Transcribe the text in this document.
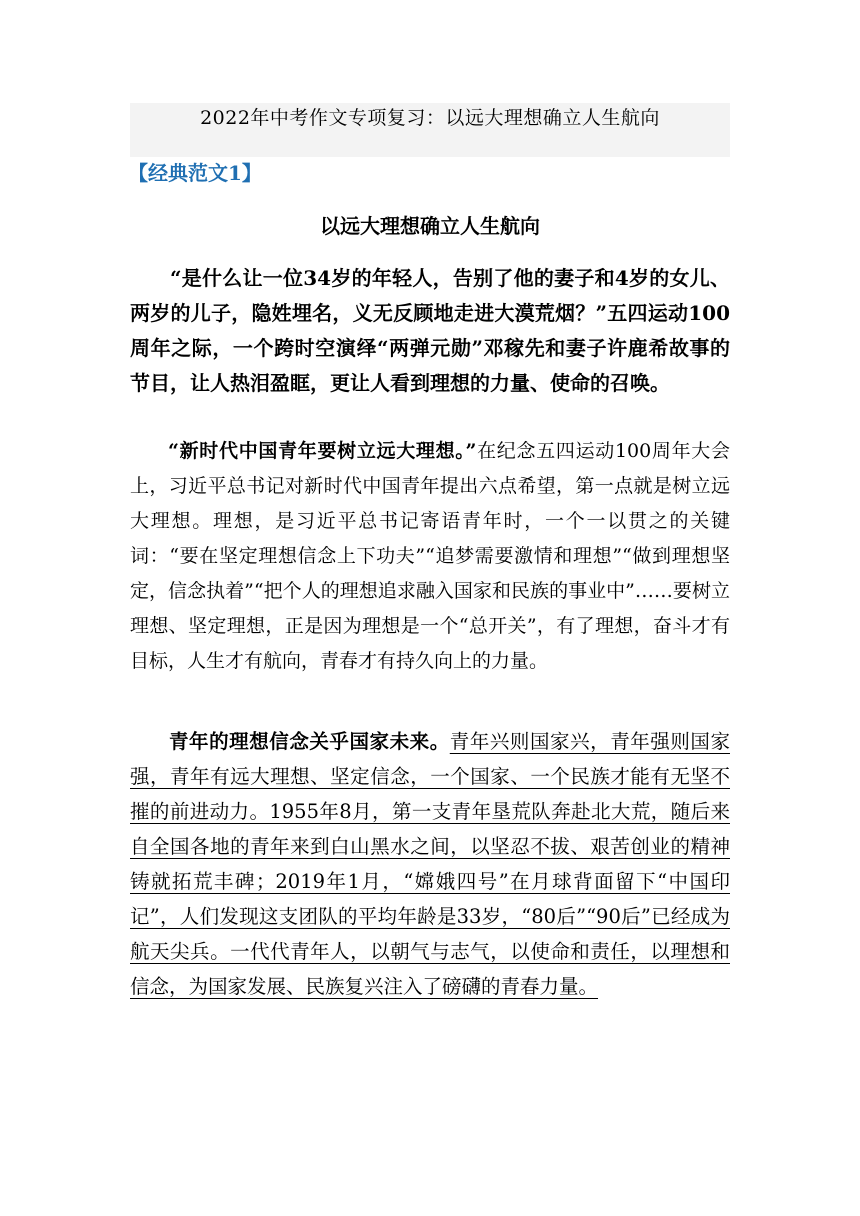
2022年中考作文专项复习：以远大理想确立人生航向
【经典范文1】
以远大理想确立人生航向

“是什么让一位34岁的年轻人，告别了他的妻子和4岁的女儿、两岁的儿子，隐姓埋名，义无反顾地走进大漠荒烟？”五四运动100周年之际，一个跨时空演绎“两弹元勋”邓稼先和妻子许鹿希故事的节目，让人热泪盈眶，更让人看到理想的力量、使命的召唤。

“新时代中国青年要树立远大理想。”在纪念五四运动100周年大会上，习近平总书记对新时代中国青年提出六点希望，第一点就是树立远大理想。理想，是习近平总书记寄语青年时，一个一以贯之的关键词：“要在坚定理想信念上下功夫”“追梦需要激情和理想”“做到理想坚定，信念执着”“把个人的理想追求融入国家和民族的事业中”……要树立理想、坚定理想，正是因为理想是一个“总开关”，有了理想，奋斗才有目标，人生才有航向，青春才有持久向上的力量。

青年的理想信念关乎国家未来。青年兴则国家兴，青年强则国家强，青年有远大理想、坚定信念，一个国家、一个民族才能有无坚不摧的前进动力。1955年8月，第一支青年垦荒队奔赴北大荒，随后来自全国各地的青年来到白山黑水之间，以坚忍不拔、艰苦创业的精神铸就拓荒丰碑；2019年1月，“嫦娥四号”在月球背面留下“中国印记”，人们发现这支团队的平均年龄是33岁，“80后”“90后”已经成为航天尖兵。一代代青年人，以朝气与志气，以使命和责任，以理想和信念，为国家发展、民族复兴注入了磅礴的青春力量。
